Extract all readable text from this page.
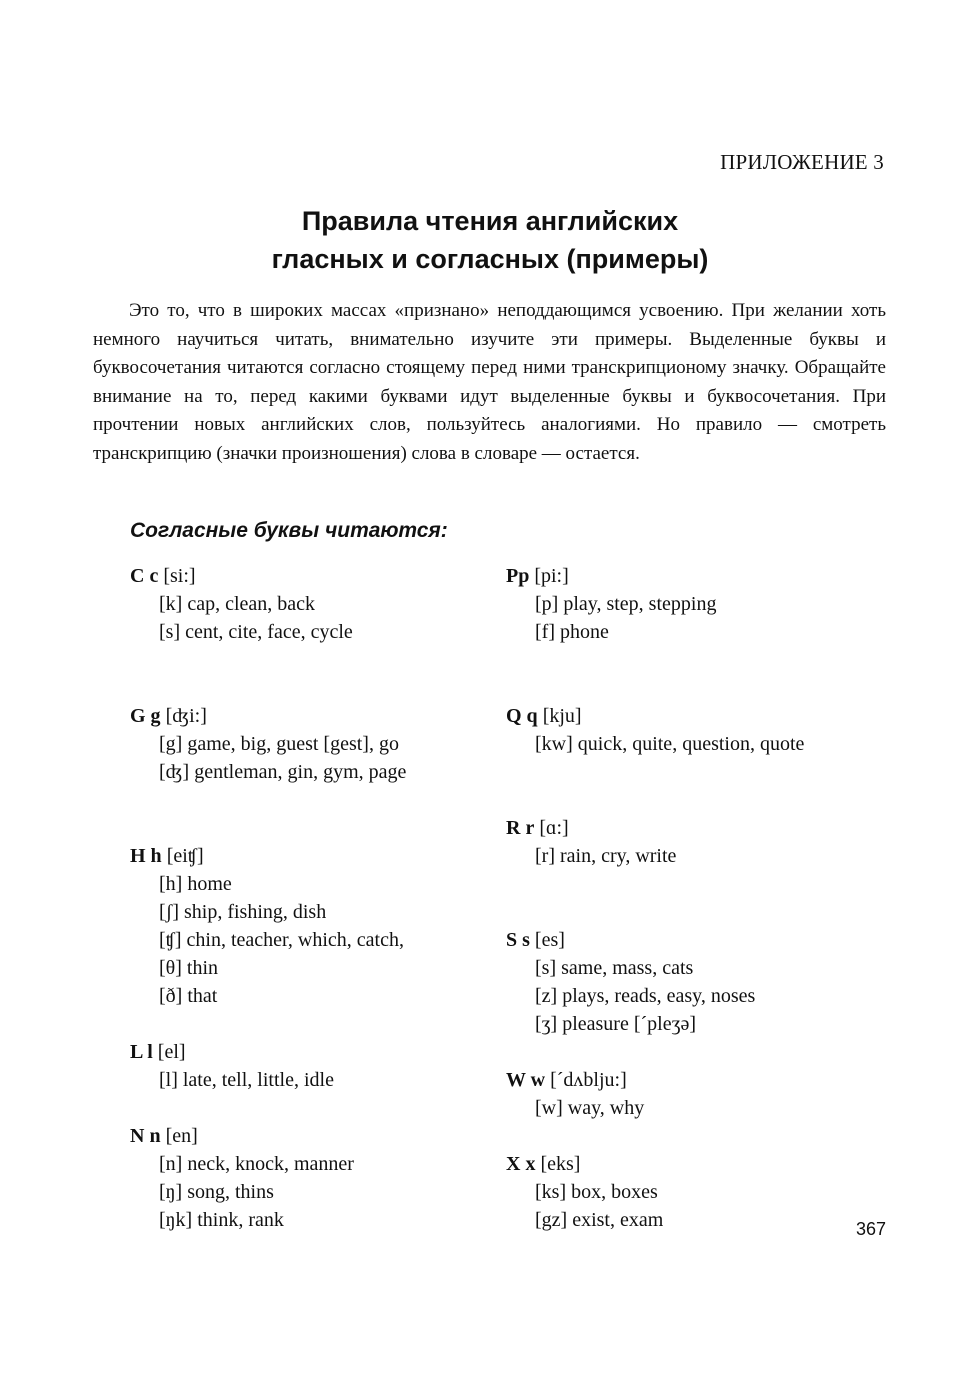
ПРИЛОЖЕНИЕ 3
Правила чтения английских
гласных и согласных (примеры)

Это то, что в широких массах «признано» неподдающимся усвоению. При желании хоть немного научиться читать, внимательно изучите эти примеры. Выделенные буквы и буквосочетания читаются согласно стоящему перед ними транскрипционому значку. Обращайте внимание на то, перед какими буквами идут выделенные буквы и буквосочетания. При прочтении новых английских слов, пользуйтесь аналогиями. Но правило — смотреть транскрипцию (значки произношения) слова в словаре — остается.

Согласные буквы читаются:
C c [si:]
[k] cap, clean, back
[s] cent, cite, face, cycle
G g [ʤi:]
[g] game, big, guest [gest], go
[ʤ] gentleman, gin, gym, page
H h [eiʧ]
[h] home
[ʃ] ship, fishing, dish
[ʧ] chin, teacher, which, catch,
[θ] thin
[ð] that
L l [el]
[l] late, tell, little, idle
N n [en]
[n] neck, knock, manner
[ŋ] song, thins
[ŋk] think, rank
Pp [pi:]
[p] play, step, stepping
[f] phone
Q q [kju]
[kw] quick, quite, question, quote
R r [ɑ:]
[r] rain, cry, write
S s [es]
[s] same, mass, cats
[z] plays, reads, easy, noses
[ʒ] pleasure [´pleʒə]
W w [´dʌblju:]
[w] way, why
X x [eks]
[ks] box, boxes
[gz] exist, exam	367
